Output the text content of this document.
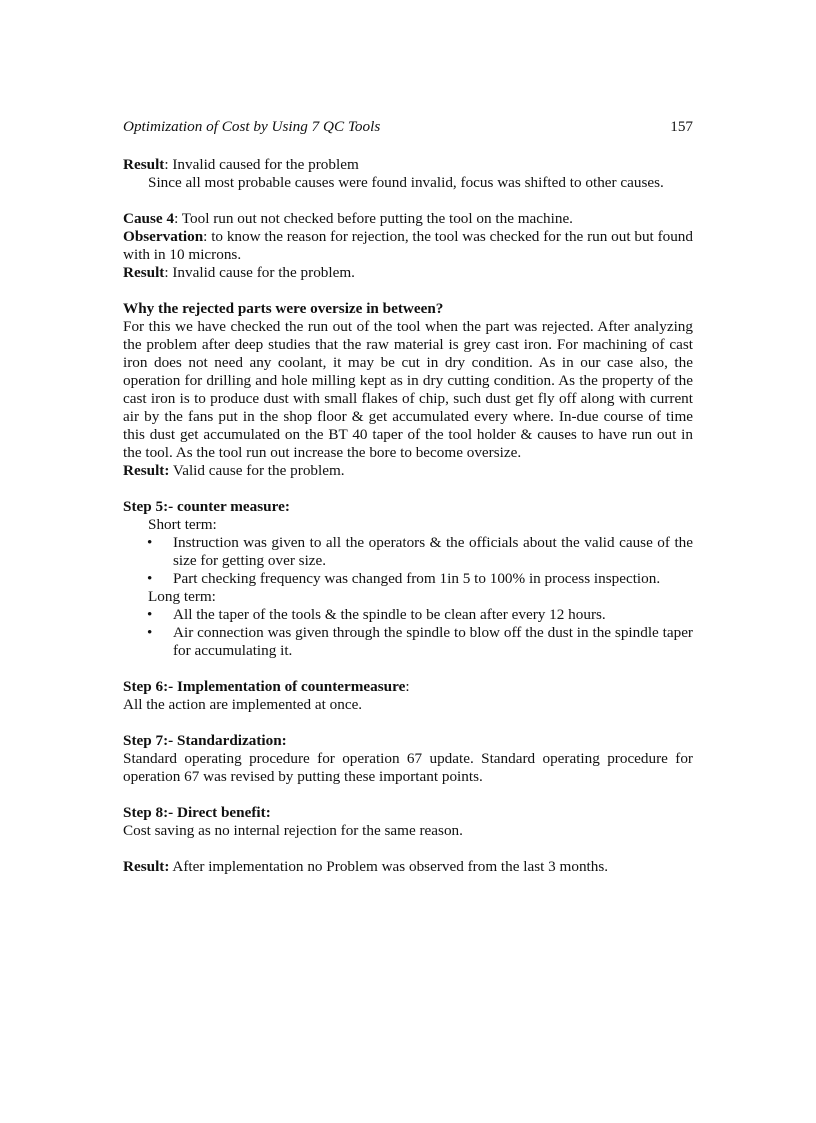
Optimization of Cost by Using 7 QC Tools	157

Result: Invalid caused for the problem

Since all most probable causes were found invalid, focus was shifted to other causes.

Cause 4: Tool run out not checked before putting the tool on the machine.

Observation: to know the reason for rejection, the tool was checked for the run out but found with in 10 microns.

Result: Invalid cause for the problem.

Why the rejected parts were oversize in between?

For this we have checked the run out of the tool when the part was rejected. After analyzing the problem after deep studies that the raw material is grey cast iron. For machining of cast iron does not need any coolant, it may be cut in dry condition. As in our case also, the operation for drilling and hole milling kept as in dry cutting condition. As the property of the cast iron is to produce dust with small flakes of chip, such dust get fly off along with current air by the fans put in the shop floor & get accumulated every where. In-due course of time this dust get accumulated on the BT 40 taper of the tool holder & causes to have run out in the tool. As the tool run out increase the bore to become oversize.

Result: Valid cause for the problem.

Step 5:- counter measure:

Short term:

• Instruction was given to all the operators & the officials about the valid cause of the size for getting over size.
• Part checking frequency was changed from 1in 5 to 100% in process inspection.

Long term:

• All the taper of the tools & the spindle to be clean after every 12 hours.
• Air connection was given through the spindle to blow off the dust in the spindle taper for accumulating it.

Step 6:- Implementation of countermeasure:

All the action are implemented at once.

Step 7:- Standardization:

Standard operating procedure for operation 67 update. Standard operating procedure for operation 67 was revised by putting these important points.

Step 8:- Direct benefit:

Cost saving as no internal rejection for the same reason.

Result: After implementation no Problem was observed from the last 3 months.
